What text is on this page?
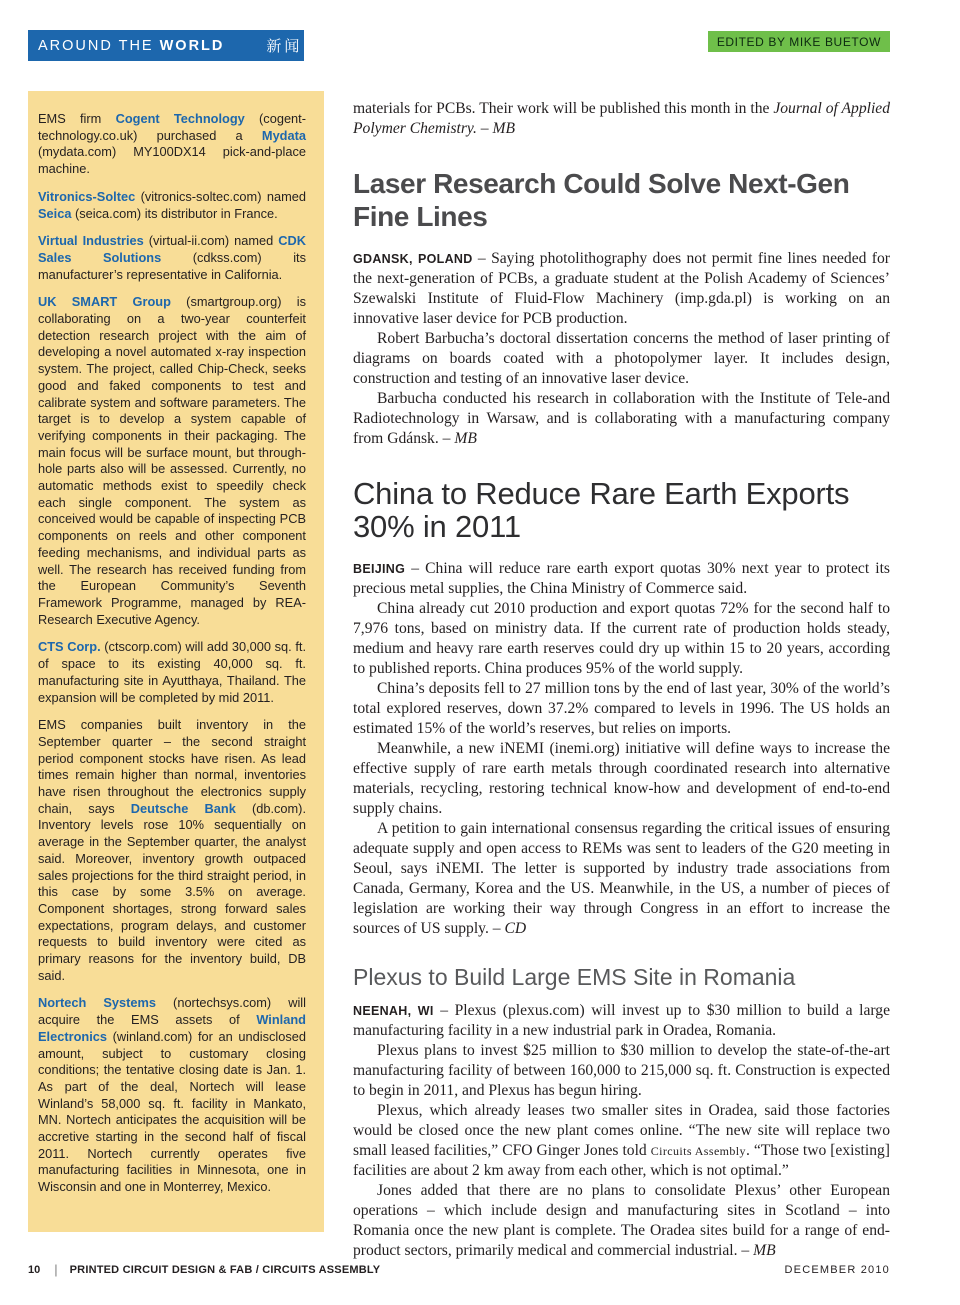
AROUND THE WORLD	新闻	EDITED BY MIKE BUETOW

EMS firm Cogent Technology (cogent-technology.co.uk) purchased a Mydata (mydata.com) MY100DX14 pick-and-place machine.

Vitronics-Soltec (vitronics-soltec.com) named Seica (seica.com) its distributor in France.

Virtual Industries (virtual-ii.com) named CDK Sales Solutions (cdkss.com) its manufacturer’s representative in California.

UK SMART Group (smartgroup.org) is collaborating on a two-year counterfeit detection research project with the aim of developing a novel automated x-ray inspection system. The project, called Chip-Check, seeks good and faked components to test and calibrate system and software parameters. The target is to develop a system capable of verifying components in their packaging. The main focus will be surface mount, but through-hole parts also will be assessed. Currently, no automatic methods exist to speedily check each single component. The system as conceived would be capable of inspecting PCB components on reels and other component feeding mechanisms, and individual parts as well. The research has received funding from the European Community’s Seventh Framework Programme, managed by REA-Research Executive Agency.

CTS Corp. (ctscorp.com) will add 30,000 sq. ft. of space to its existing 40,000 sq. ft. manufacturing site in Ayutthaya, Thailand. The expansion will be completed by mid 2011.

EMS companies built inventory in the September quarter – the second straight period component stocks have risen. As lead times remain higher than normal, inventories have risen throughout the electronics supply chain, says Deutsche Bank (db.com). Inventory levels rose 10% sequentially on average in the September quarter, the analyst said. Moreover, inventory growth outpaced sales projections for the third straight period, in this case by some 3.5% on average. Component shortages, strong forward sales expectations, program delays, and customer requests to build inventory were cited as primary reasons for the inventory build, DB said.

Nortech Systems (nortechsys.com) will acquire the EMS assets of Winland Electronics (winland.com) for an undisclosed amount, subject to customary closing conditions; the tentative closing date is Jan. 1. As part of the deal, Nortech will lease Winland’s 58,000 sq. ft. facility in Mankato, MN. Nortech anticipates the acquisition will be accretive starting in the second half of fiscal 2011. Nortech currently operates five manufacturing facilities in Minnesota, one in Wisconsin and one in Monterrey, Mexico.

materials for PCBs. Their work will be published this month in the Journal of Applied Polymer Chemistry. – MB

Laser Research Could Solve Next-Gen Fine Lines

GDANSK, POLAND – Saying photolithography does not permit fine lines needed for the next-generation of PCBs, a graduate student at the Polish Academy of Sciences’ Szewalski Institute of Fluid-Flow Machinery (imp.gda.pl) is working on an innovative laser device for PCB production.

Robert Barbucha’s doctoral dissertation concerns the method of laser printing of diagrams on boards coated with a photopolymer layer. It includes design, construction and testing of an innovative laser device.

Barbucha conducted his research in collaboration with the Institute of Tele-and Radiotechnology in Warsaw, and is collaborating with a manufacturing company from Gdánsk. – MB

China to Reduce Rare Earth Exports 30% in 2011

BEIJING – China will reduce rare earth export quotas 30% next year to protect its precious metal supplies, the China Ministry of Commerce said.

China already cut 2010 production and export quotas 72% for the second half to 7,976 tons, based on ministry data. If the current rate of production holds steady, medium and heavy rare earth reserves could dry up within 15 to 20 years, according to published reports. China produces 95% of the world supply.

China’s deposits fell to 27 million tons by the end of last year, 30% of the world’s total explored reserves, down 37.2% compared to levels in 1996. The US holds an estimated 15% of the world’s reserves, but relies on imports.

Meanwhile, a new iNEMI (inemi.org) initiative will define ways to increase the effective supply of rare earth metals through coordinated research into alternative materials, recycling, restoring technical know-how and development of end-to-end supply chains.

A petition to gain international consensus regarding the critical issues of ensuring adequate supply and open access to REMs was sent to leaders of the G20 meeting in Seoul, says iNEMI. The letter is supported by industry trade associations from Canada, Germany, Korea and the US. Meanwhile, in the US, a number of pieces of legislation are working their way through Congress in an effort to increase the sources of US supply. – CD

Plexus to Build Large EMS Site in Romania

NEENAH, WI – Plexus (plexus.com) will invest up to $30 million to build a large manufacturing facility in a new industrial park in Oradea, Romania.

Plexus plans to invest $25 million to $30 million to develop the state-of-the-art manufacturing facility of between 160,000 to 215,000 sq. ft. Construction is expected to begin in 2011, and Plexus has begun hiring.

Plexus, which already leases two smaller sites in Oradea, said those factories would be closed once the new plant comes online. “The new site will replace two small leased facilities,” CFO Ginger Jones told Circuits Assembly. “Those two [existing] facilities are about 2 km away from each other, which is not optimal.”

Jones added that there are no plans to consolidate Plexus’ other European operations – which include design and manufacturing sites in Scotland – into Romania once the new plant is complete. The Oradea sites build for a range of end-product sectors, primarily medical and commercial industrial. – MB

10 | PRINTED CIRCUIT DESIGN & FAB / CIRCUITS ASSEMBLY	DECEMBER 2010
